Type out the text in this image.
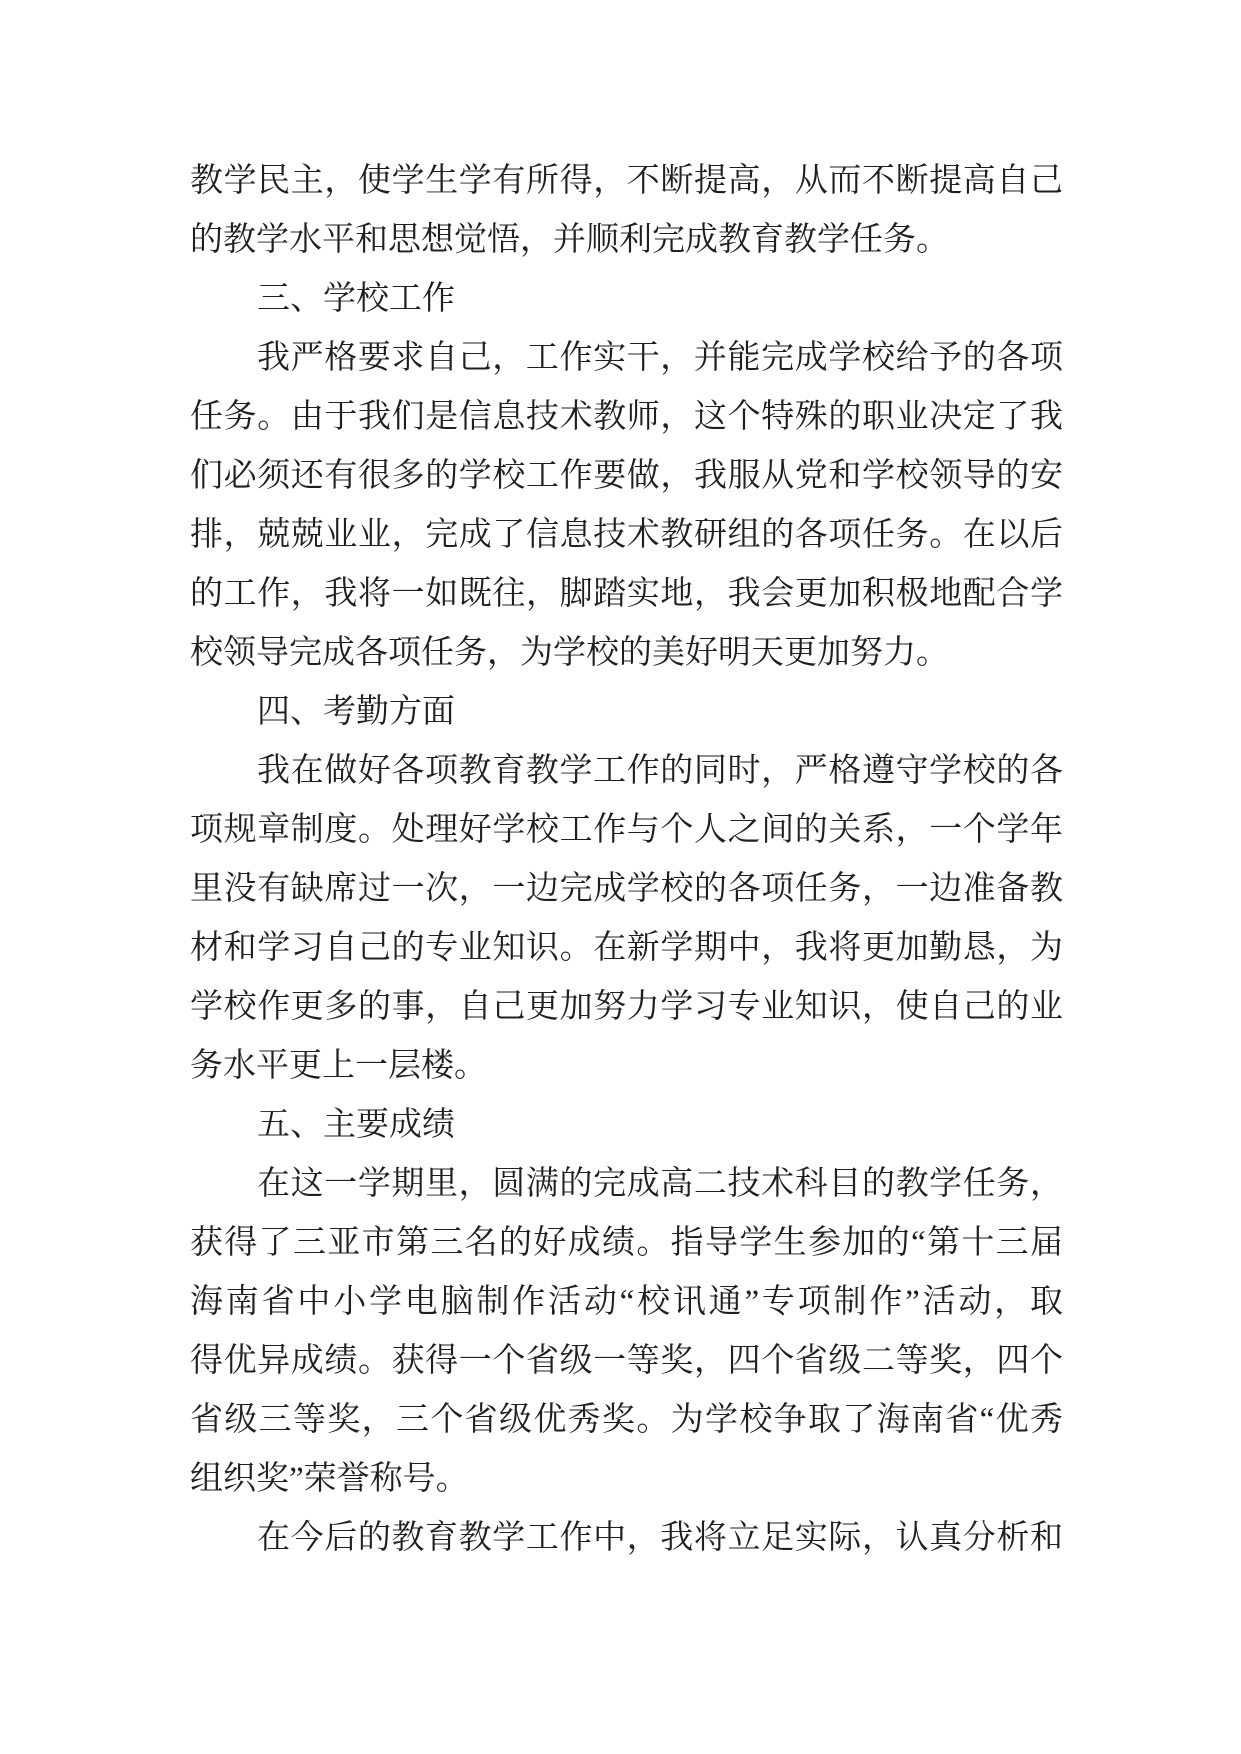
教学民主，使学生学有所得，不断提高，从而不断提高自己
的教学水平和思想觉悟，并顺利完成教育教学任务。
三、学校工作
我严格要求自己，工作实干，并能完成学校给予的各项
任务。由于我们是信息技术教师，这个特殊的职业决定了我
们必须还有很多的学校工作要做，我服从党和学校领导的安
排，兢兢业业，完成了信息技术教研组的各项任务。在以后
的工作，我将一如既往，脚踏实地，我会更加积极地配合学
校领导完成各项任务，为学校的美好明天更加努力。
四、考勤方面
我在做好各项教育教学工作的同时，严格遵守学校的各
项规章制度。处理好学校工作与个人之间的关系，一个学年
里没有缺席过一次，一边完成学校的各项任务，一边准备教
材和学习自己的专业知识。在新学期中，我将更加勤恳，为
学校作更多的事，自己更加努力学习专业知识，使自己的业
务水平更上一层楼。
五、主要成绩
在这一学期里，圆满的完成高二技术科目的教学任务，
获得了三亚市第三名的好成绩。指导学生参加的“第十三届
海南省中小学电脑制作活动“校讯通”专项制作”活动，取
得优异成绩。获得一个省级一等奖，四个省级二等奖，四个
省级三等奖，三个省级优秀奖。为学校争取了海南省“优秀
组织奖”荣誉称号。
在今后的教育教学工作中，我将立足实际，认真分析和
